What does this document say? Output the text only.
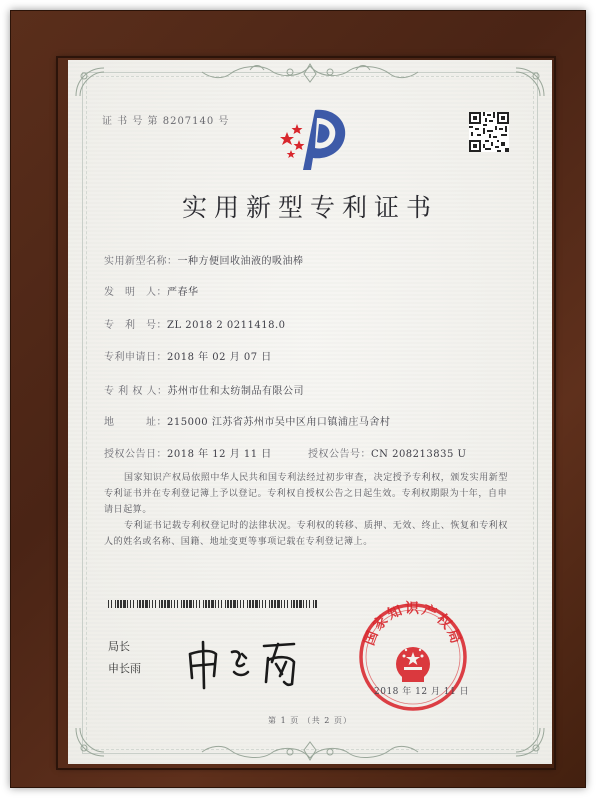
证 书 号 第 8207140 号
实用新型专利证书
实用新型名称：一种方便回收油液的吸油棒
发　明　人：严春华
专　利　号：ZL 2018 2 0211418.0
专利申请日：2018 年 02 月 07 日
专 利 权 人：苏州市仕和太纺制品有限公司
地　　　址：215000 江苏省苏州市吴中区甪口镇浦庄马舍村
授权公告日：2018 年 12 月 11 日	授权公告号：CN 208213835 U
国家知识产权局依照中华人民共和国专利法经过初步审查，决定授予专利权，颁发实用新型专利证书并在专利登记簿上予以登记。专利权自授权公告之日起生效。专利权期限为十年，自申请日起算。
专利证书记载专利权登记时的法律状况。专利权的转移、质押、无效、终止、恢复和专利权人的姓名或名称、国籍、地址变更等事项记载在专利登记簿上。
局长
申长雨
国家知识产权局
2018 年 12 月 11 日
第 1 页 （共 2 页）
